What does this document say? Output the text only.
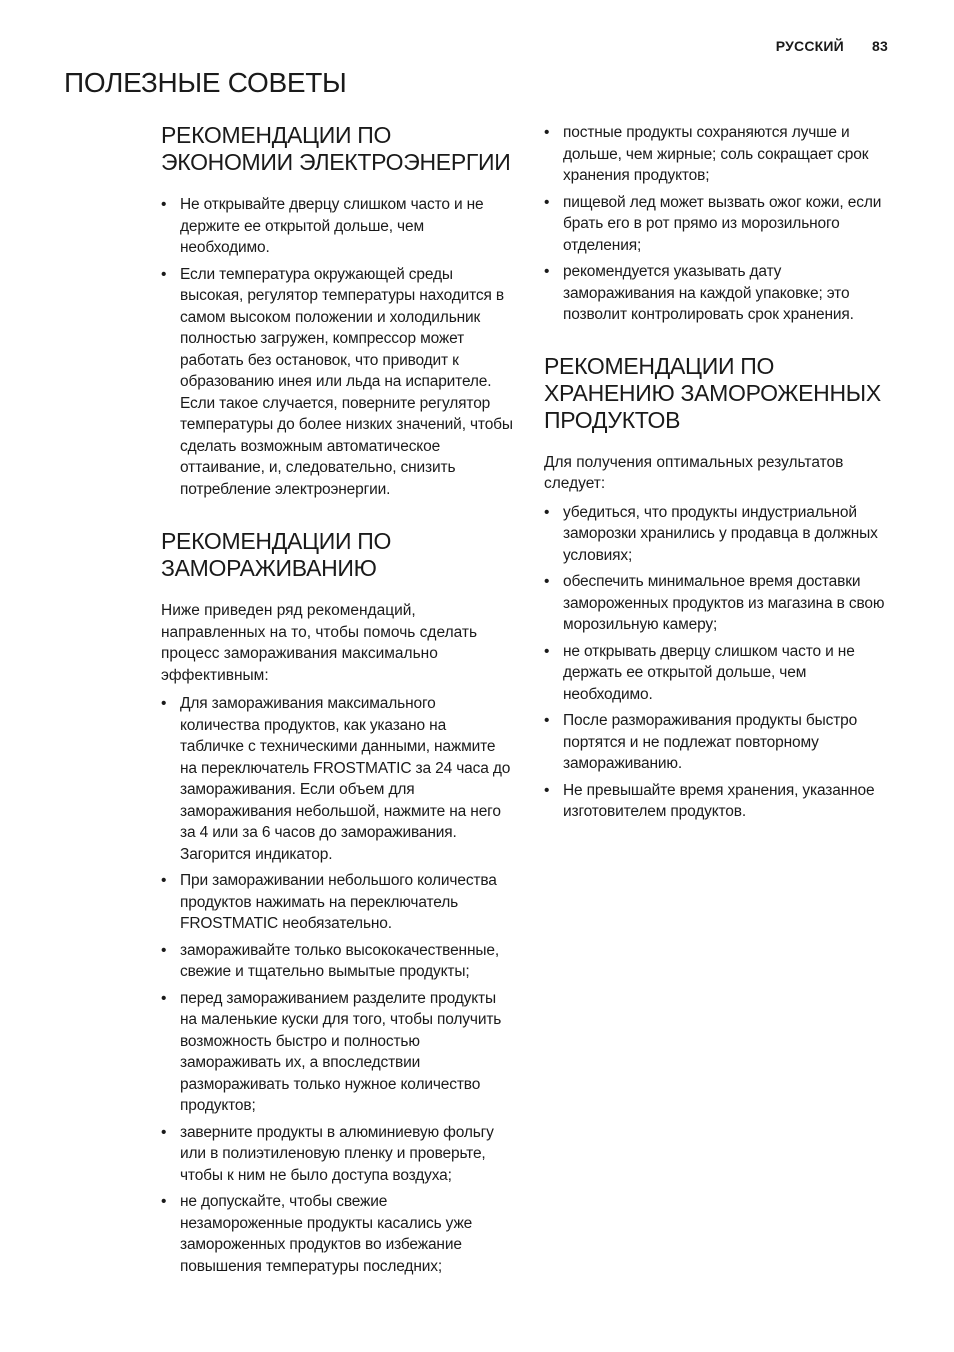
РУССКИЙ 83
ПОЛЕЗНЫЕ СОВЕТЫ
РЕКОМЕНДАЦИИ ПО ЭКОНОМИИ ЭЛЕКТРОЭНЕРГИИ
• Не открывайте дверцу слишком часто и не держите ее открытой дольше, чем необходимо.
• Если температура окружающей среды высокая, регулятор температуры находится в самом высоком положении и холодильник полностью загружен, компрессор может работать без остановок, что приводит к образованию инея или льда на испарителе. Если такое случается, поверните регулятор температуры до более низких значений, чтобы сделать возможным автоматическое оттаивание, и, следовательно, снизить потребление электроэнергии.
РЕКОМЕНДАЦИИ ПО ЗАМОРАЖИВАНИЮ

Ниже приведен ряд рекомендаций, направленных на то, чтобы помочь сделать процесс замораживания максимально эффективным:

• Для замораживания максимального количества продуктов, как указано на табличке с техническими данными, нажмите на переключатель FROSTMATIC за 24 часа до замораживания. Если объем для замораживания небольшой, нажмите на него за 4 или за 6 часов до замораживания. Загорится индикатор.
• При замораживании небольшого количества продуктов нажимать на переключатель FROSTMATIC необязательно.
• замораживайте только высококачественные, свежие и тщательно вымытые продукты;
• перед замораживанием разделите продукты на маленькие куски для того, чтобы получить возможность быстро и полностью замораживать их, а впоследствии размораживать только нужное количество продуктов;
• заверните продукты в алюминиевую фольгу или в полиэтиленовую пленку и проверьте, чтобы к ним не было доступа воздуха;
• не допускайте, чтобы свежие незамороженные продукты касались уже замороженных продуктов во избежание повышения температуры последних;
• постные продукты сохраняются лучше и дольше, чем жирные; соль сокращает срок хранения продуктов;
• пищевой лед может вызвать ожог кожи, если брать его в рот прямо из морозильного отделения;
• рекомендуется указывать дату замораживания на каждой упаковке; это позволит контролировать срок хранения.
РЕКОМЕНДАЦИИ ПО ХРАНЕНИЮ ЗАМОРОЖЕННЫХ ПРОДУКТОВ

Для получения оптимальных результатов следует:

• убедиться, что продукты индустриальной заморозки хранились у продавца в должных условиях;
• обеспечить минимальное время доставки замороженных продуктов из магазина в свою морозильную камеру;
• не открывать дверцу слишком часто и не держать ее открытой дольше, чем необходимо.
• После размораживания продукты быстро портятся и не подлежат повторному замораживанию.
• Не превышайте время хранения, указанное изготовителем продуктов.
